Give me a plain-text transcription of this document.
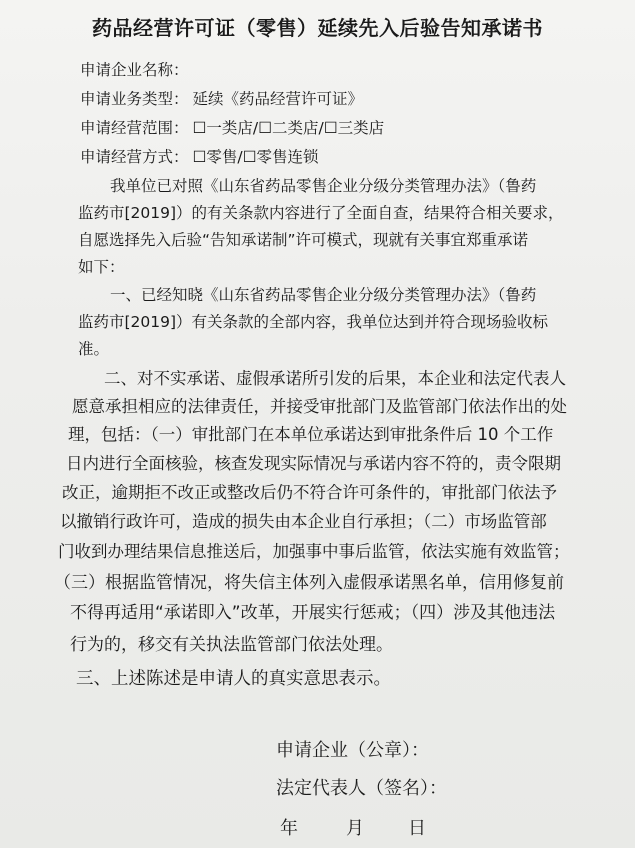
药品经营许可证（零售）延续先入后验告知承诺书
申请企业名称：
申请业务类型： 延续《药品经营许可证》
申请经营范围： ☐一类店/☐二类店/☐三类店
申请经营方式： ☐零售/☐零售连锁
我单位已对照《山东省药品零售企业分级分类管理办法》（鲁药
监药市[2019]）的有关条款内容进行了全面自查，结果符合相关要求，
自愿选择先入后验“告知承诺制”许可模式，现就有关事宜郑重承诺
如下：
一、已经知晓《山东省药品零售企业分级分类管理办法》（鲁药
监药市[2019]）有关条款的全部内容，我单位达到并符合现场验收标
准。
二、对不实承诺、虚假承诺所引发的后果，本企业和法定代表人
愿意承担相应的法律责任，并接受审批部门及监管部门依法作出的处
理，包括：（一）审批部门在本单位承诺达到审批条件后 10 个工作
日内进行全面核验，核查发现实际情况与承诺内容不符的，责令限期
改正，逾期拒不改正或整改后仍不符合许可条件的，审批部门依法予
以撤销行政许可，造成的损失由本企业自行承担；（二）市场监管部
门收到办理结果信息推送后，加强事中事后监管，依法实施有效监管；
（三）根据监管情况，将失信主体列入虚假承诺黑名单，信用修复前
不得再适用“承诺即入”改革，开展实行惩戒；（四）涉及其他违法
行为的，移交有关执法监管部门依法处理。
三、上述陈述是申请人的真实意思表示。
申请企业（公章）：
法定代表人（签名）：
年	月 日
